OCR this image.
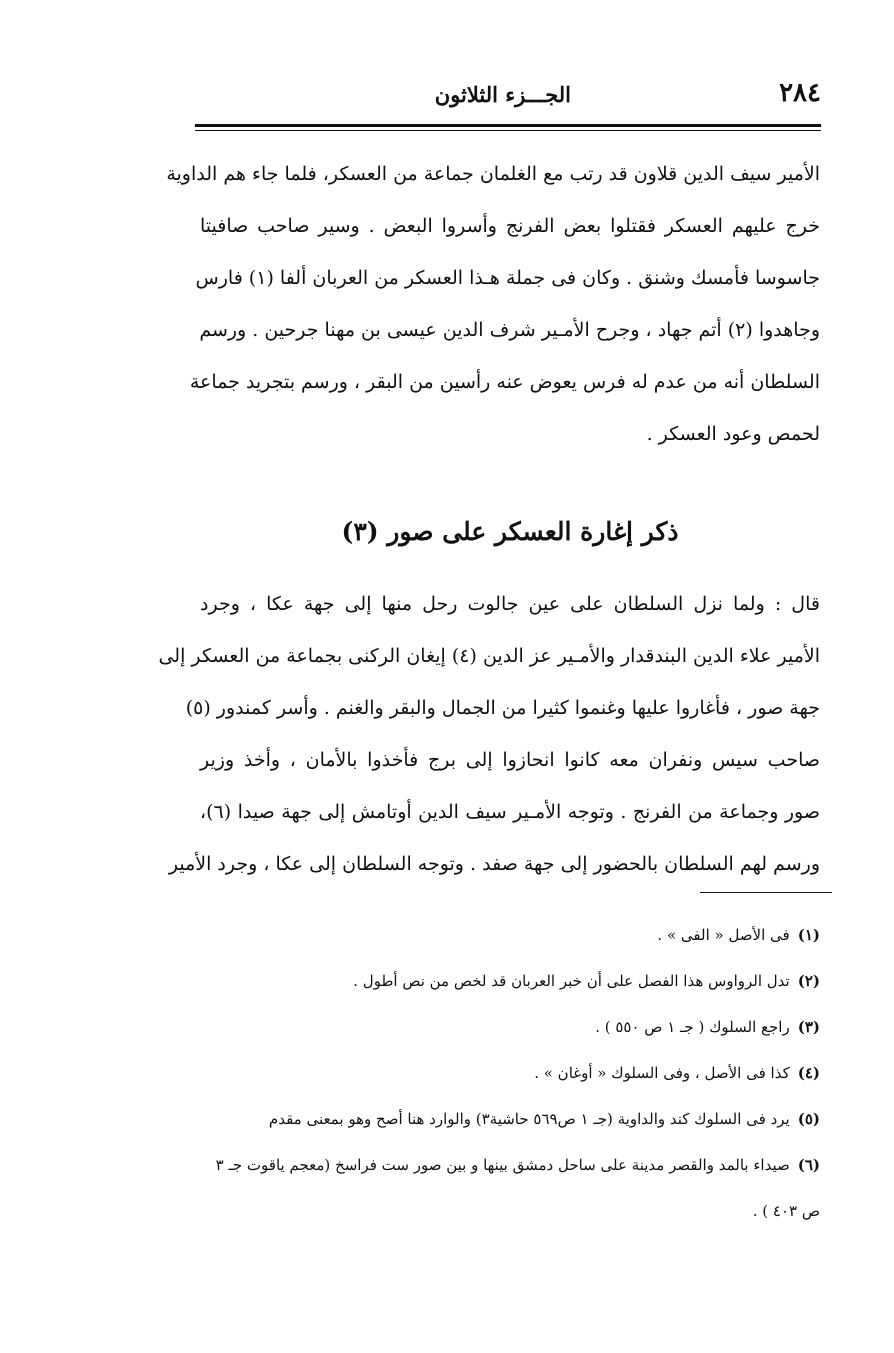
٢٨٤
الجـــزء الثلاثون
الأمير سيف الدين قلاون قد رتب مع الغلمان جماعة من العسكر، فلما جاء هم الداوية
خرج عليهم العسكر فقتلوا بعض الفرنج وأسروا البعض . وسير صاحب صافيتا
جاسوسا فأمسك وشنق . وكان فى جملة هـذا العسكر من العربان ألفا (١) فارس
وجاهدوا (٢) أتم جهاد ، وجرح الأمـير شرف الدين عيسى بن مهنا جرحين . ورسم
السلطان أنه من عدم له فرس يعوض عنه رأسين من البقر ، ورسم بتجريد جماعة
لحمص وعود العسكر .
ذكر إغارة العسكر على صور (٣)
قال : ولما نزل السلطان على عين جالوت رحل منها إلى جهة عكا ، وجرد
الأمير علاء الدين البندقدار والأمـير عز الدين (٤) إيغان الركنى بجماعة من العسكر إلى
جهة صور ، فأغاروا عليها وغنموا كثيرا من الجمال والبقر والغنم . وأسر كمندور (٥)
صاحب سيس ونفران معه كانوا انحازوا إلى برج فأخذوا بالأمان ، وأخذ وزير
صور وجماعة من الفرنج . وتوجه الأمـير سيف الدين أوتامش إلى جهة صيدا (٦)،
ورسم لهم السلطان بالحضور إلى جهة صفد . وتوجه السلطان إلى عكا ، وجرد الأمير
(١)فى الأصل « الفى » .
(٢)تدل الرواوس هذا الفصل على أن خبر العربان قد لخص من نص أطول .
(٣)راجع السلوك ( جـ ١ ص ٥٥٠ ) .
(٤)كذا فى الأصل ، وفى السلوك « أوغان » .
(٥)يرد فى السلوك كند والداوية (جـ ١ ص٥٦٩ حاشية٣) والوارد هنا أصح وهو بمعنى مقدم
(٦)صيداء بالمد والقصر مدينة على ساحل دمشق بينها و بين صور ست فراسخ (معجم ياقوت جـ ٣
ص ٤٠٣ ) .
